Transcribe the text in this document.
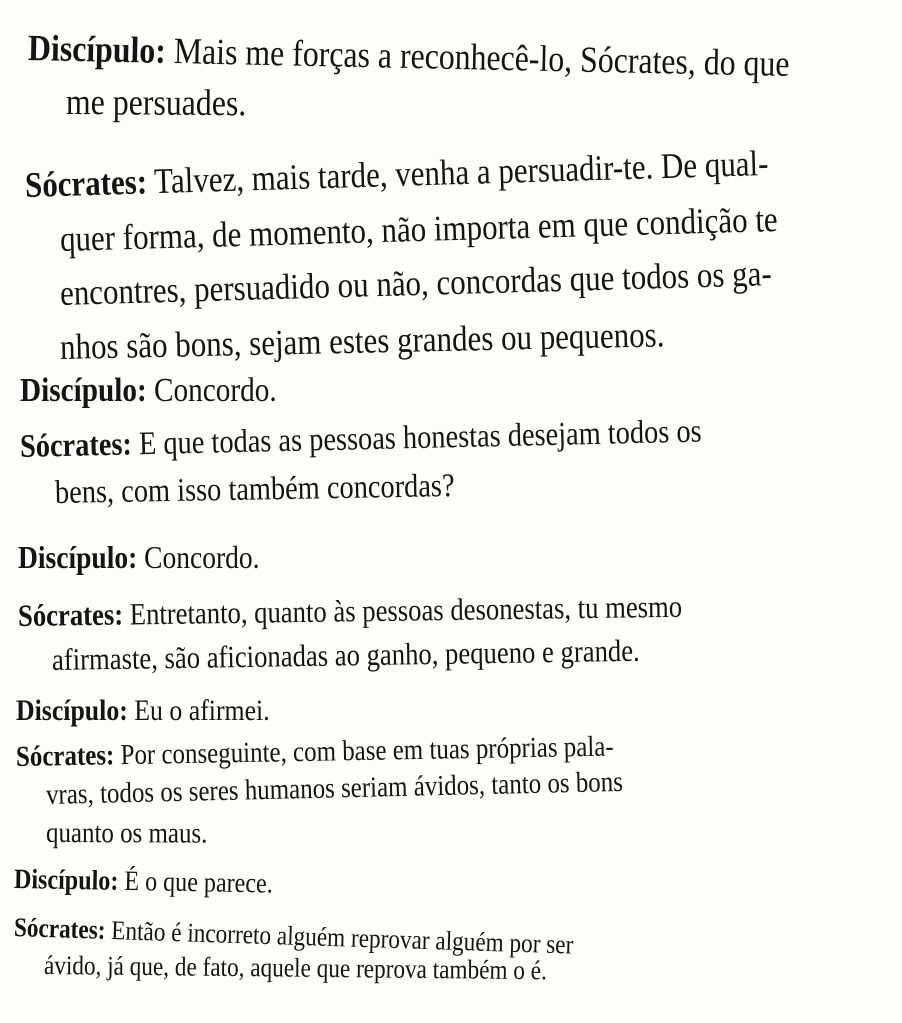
Discípulo: Mais me forças a reconhecê-lo, Sócrates, do que
me persuades.
Sócrates: Talvez, mais tarde, venha a persuadir-te. De qual-
quer forma, de momento, não importa em que condição te
encontres, persuadido ou não, concordas que todos os ga-
nhos são bons, sejam estes grandes ou pequenos.
Discípulo: Concordo.
Sócrates: E que todas as pessoas honestas desejam todos os
bens, com isso também concordas?
Discípulo: Concordo.
Sócrates: Entretanto, quanto às pessoas desonestas, tu mesmo
afirmaste, são aficionadas ao ganho, pequeno e grande.
Discípulo: Eu o afirmei.
Sócrates: Por conseguinte, com base em tuas próprias pala-
vras, todos os seres humanos seriam ávidos, tanto os bons
quanto os maus.
Discípulo: É o que parece.
Sócrates: Então é incorreto alguém reprovar alguém por ser
ávido, já que, de fato, aquele que reprova também o é.
